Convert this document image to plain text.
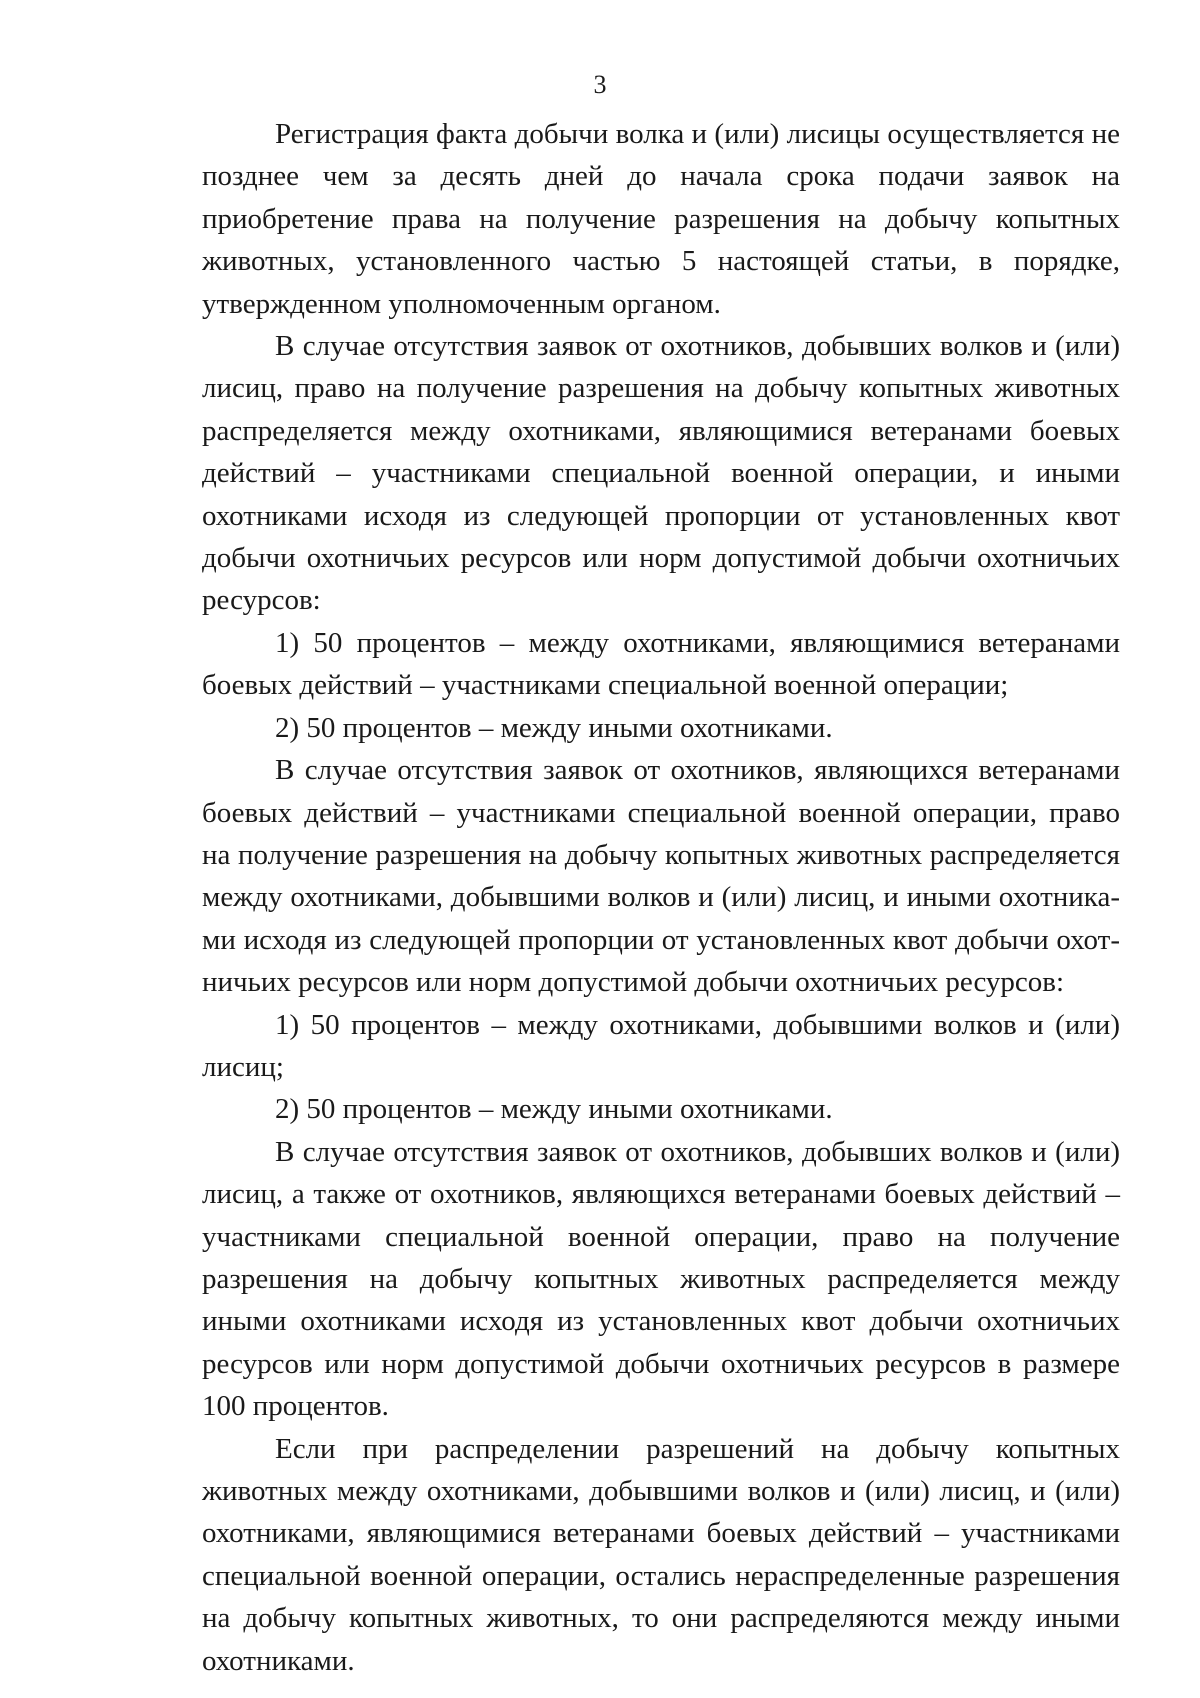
3

Регистрация факта добычи волка и (или) лисицы осуществляется не позднее чем за десять дней до начала срока подачи заявок на приобретение права на получение разрешения на добычу копытных животных, установленного частью 5 настоящей статьи, в порядке, утвержденном уполномоченным органом.

В случае отсутствия заявок от охотников, добывших волков и (или) лисиц, право на получение разрешения на добычу копытных животных распределяется между охотниками, являющимися ветеранами боевых действий – участниками специальной военной операции, и иными охотниками исходя из следующей пропорции от установленных квот добычи охотничьих ресурсов или норм допустимой добычи охотничьих ресурсов:

1) 50 процентов – между охотниками, являющимися ветеранами боевых действий – участниками специальной военной операции;

2) 50 процентов – между иными охотниками.

В случае отсутствия заявок от охотников, являющихся ветеранами боевых действий – участниками специальной военной операции, право на получение разрешения на добычу копытных животных распределяется между охотниками, добывшими волков и (или) лисиц, и иными охотниками исходя из следующей пропорции от установленных квот добычи охотничьих ресурсов или норм допустимой добычи охотничьих ресурсов:

1) 50 процентов – между охотниками, добывшими волков и (или) лисиц;

2) 50 процентов – между иными охотниками.

В случае отсутствия заявок от охотников, добывших волков и (или) лисиц, а также от охотников, являющихся ветеранами боевых действий – участниками специальной военной операции, право на получение разрешения на добычу копытных животных распределяется между иными охотниками исходя из установленных квот добычи охотничьих ресурсов или норм допустимой добычи охотничьих ресурсов в размере 100 процентов.

Если при распределении разрешений на добычу копытных животных между охотниками, добывшими волков и (или) лисиц, и (или) охотниками, являющимися ветеранами боевых действий – участниками специальной военной операции, остались нераспределенные разрешения на добычу копытных животных, то они распределяются между иными охотниками.
